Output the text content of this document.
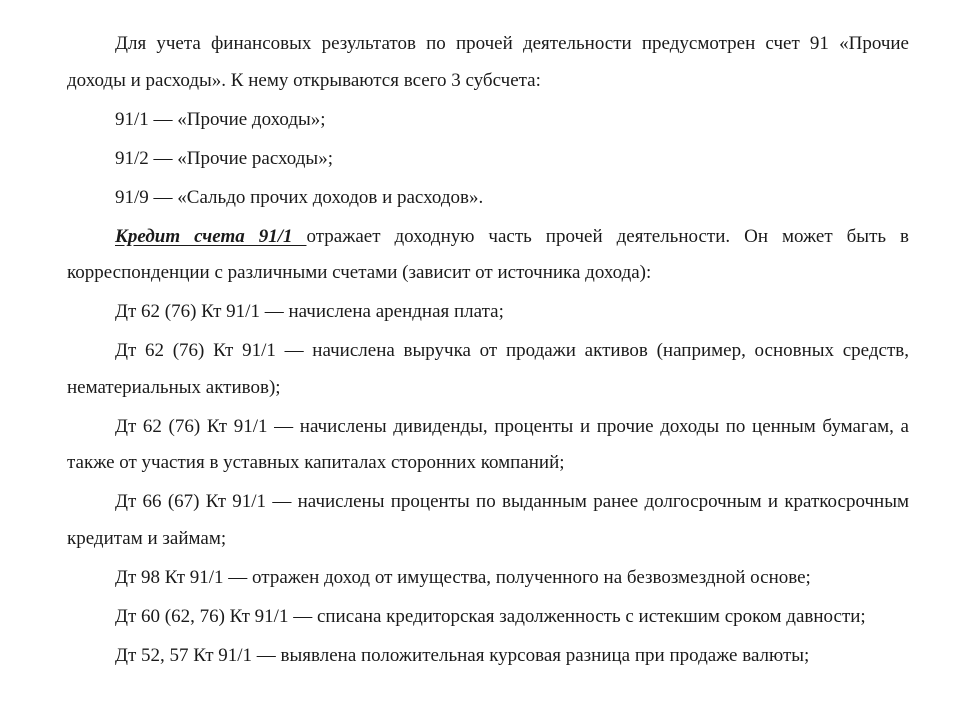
Для учета финансовых результатов по прочей деятельности предусмотрен счет 91 «Прочие доходы и расходы». К нему открываются всего 3 субсчета:

91/1 — «Прочие доходы»;

91/2 — «Прочие расходы»;

91/9 — «Сальдо прочих доходов и расходов».

Кредит счета 91/1 отражает доходную часть прочей деятельности. Он может быть в корреспонденции с различными счетами (зависит от источника дохода):

Дт 62 (76) Кт 91/1 — начислена арендная плата;

Дт 62 (76) Кт 91/1 — начислена выручка от продажи активов (например, основных средств, нематериальных активов);

Дт 62 (76) Кт 91/1 — начислены дивиденды, проценты и прочие доходы по ценным бумагам, а также от участия в уставных капиталах сторонних компаний;

Дт 66 (67) Кт 91/1 — начислены проценты по выданным ранее долгосрочным и краткосрочным кредитам и займам;

Дт 98 Кт 91/1 — отражен доход от имущества, полученного на безвозмездной основе;

Дт 60 (62, 76) Кт 91/1 — списана кредиторская задолженность с истекшим сроком давности;

Дт 52, 57 Кт 91/1 — выявлена положительная курсовая разница при продаже валюты;
